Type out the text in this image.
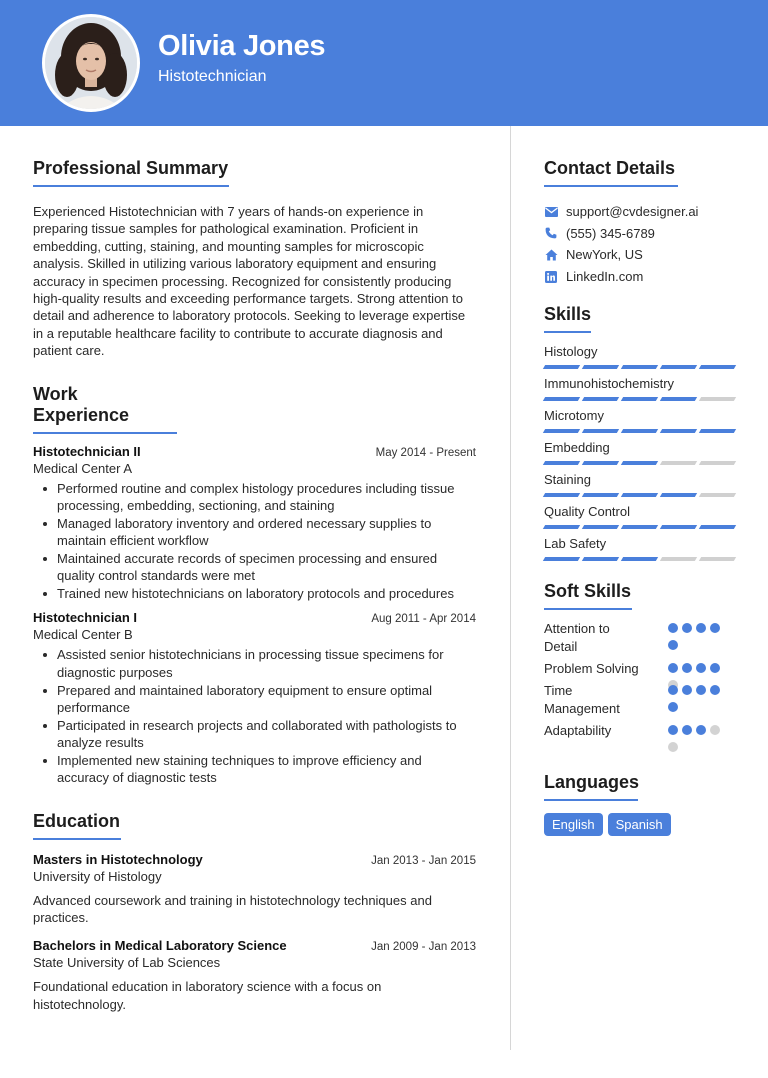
Olivia Jones
Histotechnician
Professional Summary

Experienced Histotechnician with 7 years of hands-on experience in preparing tissue samples for pathological examination. Proficient in embedding, cutting, staining, and mounting samples for microscopic analysis. Skilled in utilizing various laboratory equipment and ensuring accuracy in specimen processing. Recognized for consistently producing high-quality results and exceeding performance targets. Strong attention to detail and adherence to laboratory protocols. Seeking to leverage expertise in a reputable healthcare facility to contribute to accurate diagnosis and patient care.

Work Experience
Histotechnician II	May 2014 - Present
Medical Center A
Performed routine and complex histology procedures including tissue processing, embedding, sectioning, and staining
Managed laboratory inventory and ordered necessary supplies to maintain efficient workflow
Maintained accurate records of specimen processing and ensured quality control standards were met
Trained new histotechnicians on laboratory protocols and procedures
Histotechnician I	Aug 2011 - Apr 2014
Medical Center B
Assisted senior histotechnicians in processing tissue specimens for diagnostic purposes
Prepared and maintained laboratory equipment to ensure optimal performance
Participated in research projects and collaborated with pathologists to analyze results
Implemented new staining techniques to improve efficiency and accuracy of diagnostic tests
Education
Masters in Histotechnology	Jan 2013 - Jan 2015
University of Histology

Advanced coursework and training in histotechnology techniques and practices.

Bachelors in Medical Laboratory Science	Jan 2009 - Jan 2013
State University of Lab Sciences

Foundational education in laboratory science with a focus on histotechnology.

Contact Details
support@cvdesigner.ai
(555) 345-6789
NewYork, US
LinkedIn.com
Skills
Histology
Immunohistochemistry
Microtomy
Embedding
Staining
Quality Control
Lab Safety
Soft Skills
Attention to Detail
Problem Solving
Time Management
Adaptability
Languages
English	Spanish
